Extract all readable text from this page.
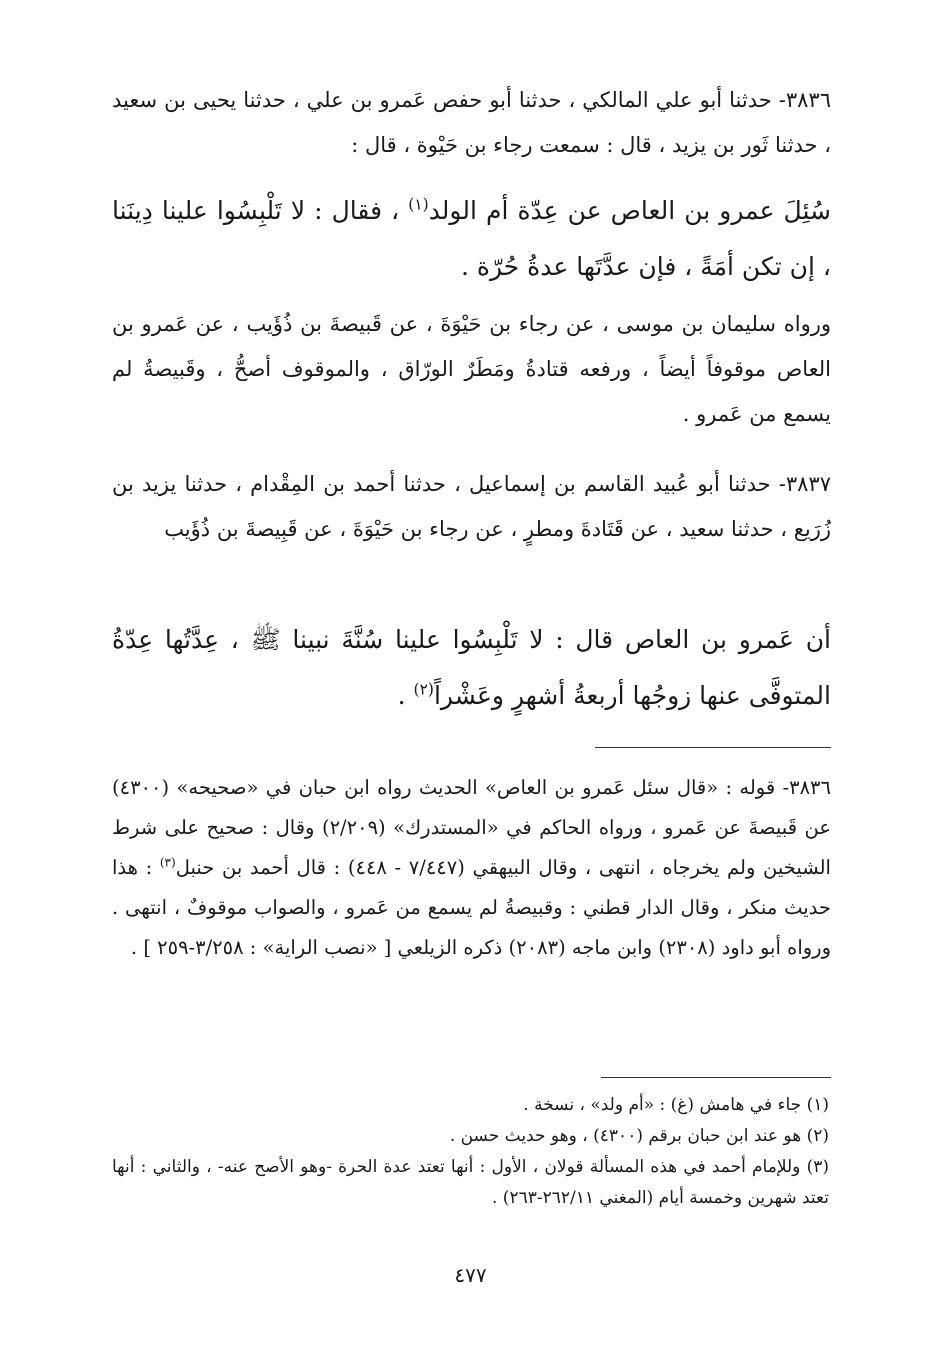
٣٨٣٦- حدثنا أبو علي المالكي ، حدثنا أبو حفص عَمرو بن علي ، حدثنا يحيى بن سعيد ، حدثنا ثَور بن يزيد ، قال : سمعت رجاء بن حَيْوة ، قال :

سُئِلَ عمرو بن العاص عن عِدّة أم الولد$^{(١)}$ ، فقال : لا تَلْبِسُوا علينا دِينَنا ، إن تكن أمَةً ، فإن عدَّتَها عدةُ حُرّة .

ورواه سليمان بن موسى ، عن رجاء بن حَيْوَةَ ، عن قَبيصةَ بن ذُؤَيب ، عن عَمرو بن العاص موقوفاً أيضاً ، ورفعه قتادةُ ومَطَرٌ الورّاق ، والموقوف أصحُّ ، وقَبيصةُ لم يسمع من عَمرو .

٣٨٣٧- حدثنا أبو عُبيد القاسم بن إسماعيل ، حدثنا أحمد بن المِقْدام ، حدثنا يزيد بن زُرَيع ، حدثنا سعيد ، عن قَتَادةَ ومطرٍ ، عن رجاء بن حَيْوَةَ ، عن قَبِيصةَ بن ذُؤَيب

أن عَمرو بن العاص قال : لا تَلْبِسُوا علينا سُنَّةَ نبينا ﷺ ، عِدَّتُها عِدّةُ المتوفَّى عنها زوجُها أربعةُ أشهرٍ وعَشْراً$^{(٢)}$ .

٣٨٣٦- قوله : «قال سئل عَمرو بن العاص» الحديث رواه ابن حبان في «صحيحه» (٤٣٠٠) عن قَبيصةَ عن عَمرو ، ورواه الحاكم في «المستدرك» (٢/٢٠٩) وقال : صحيح على شرط الشيخين ولم يخرجاه ، انتهى ، وقال البيهقي (٧/٤٤٧ - ٤٤٨) : قال أحمد بن حنبل$^{(٣)}$ : هذا حديث منكر ، وقال الدار قطني : وقبيصةُ لم يسمع من عَمرو ، والصواب موقوفٌ ، انتهى . ورواه أبو داود (٢٣٠٨) وابن ماجه (٢٠٨٣) ذكره الزيلعي [ «نصب الراية» : ٣/٢٥٨-٢٥٩ ] .

(١) جاء في هامش (غ) : «أم ولد» ، نسخة .

(٢) هو عند ابن حبان برقم (٤٣٠٠) ، وهو حديث حسن .

(٣) وللإمام أحمد في هذه المسألة قولان ، الأول : أنها تعتد عدة الحرة -وهو الأصح عنه- ، والثاني : أنها تعتد شهرين وخمسة أيام (المغني ٢٦٢/١١-٢٦٣) .

٤٧٧
